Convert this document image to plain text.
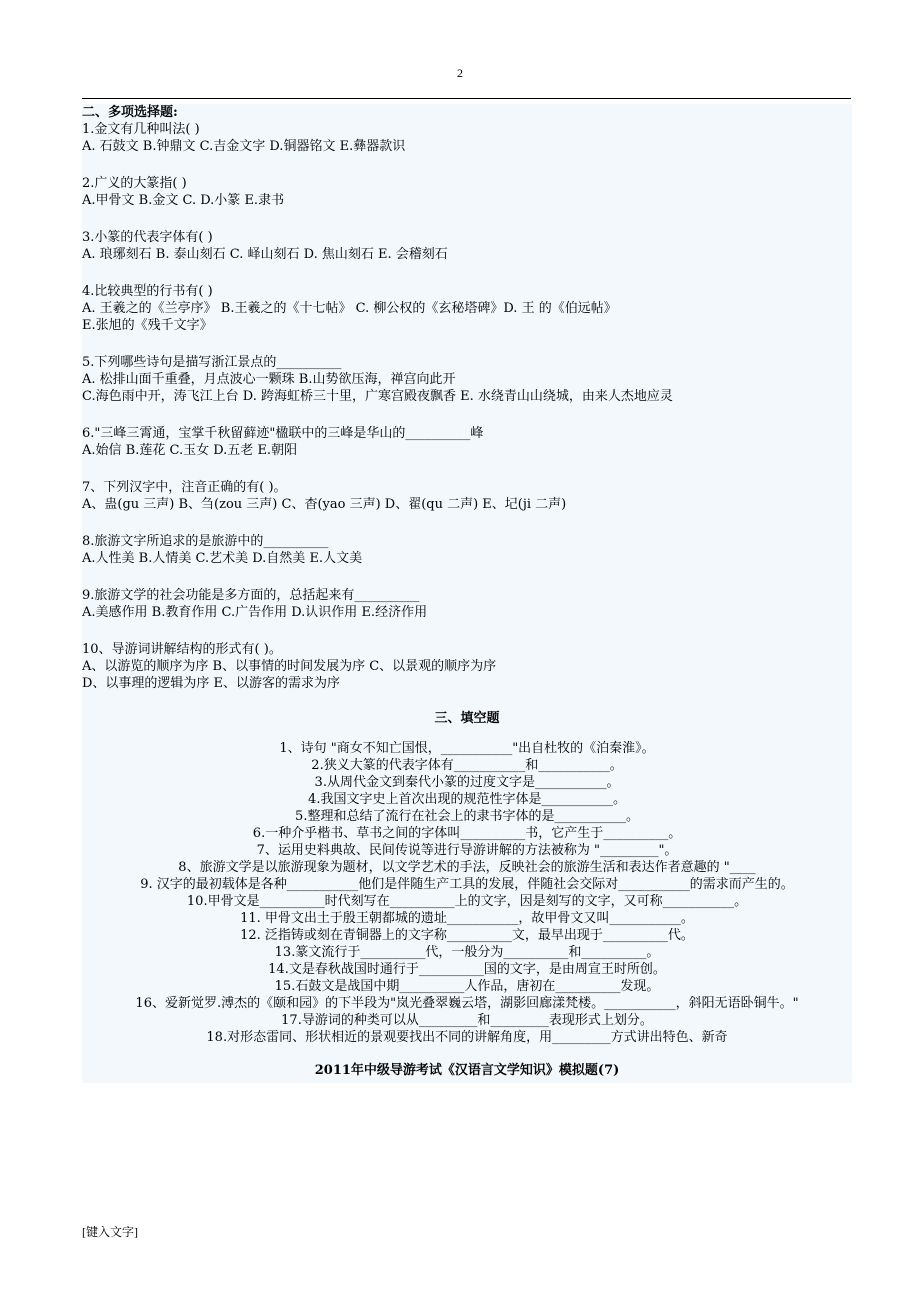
2
二、多项选择题:
1.金文有几种叫法( )
A. 石鼓文 B.钟鼎文 C.吉金文字 D.铜器铭文 E.彝器款识
2.广义的大篆指( )
A.甲骨文 B.金文 C. D.小篆 E.隶书
3.小篆的代表字体有( )
A. 琅琊刻石 B. 泰山刻石 C. 峄山刻石 D. 焦山刻石 E. 会稽刻石
4.比较典型的行书有( )
A. 王羲之的《兰亭序》 B.王羲之的《十七帖》 C. 柳公权的《玄秘塔碑》D. 王 的《伯远帖》
E.张旭的《残千文字》
5.下列哪些诗句是描写浙江景点的__________
A. 松排山面千重叠，月点波心一颗珠 B.山势欲压海，禅宫向此开
C.海色雨中开，涛飞江上台 D. 跨海虹桥三十里，广寒宫殿夜飘香 E. 水绕青山山绕城，由来人杰地应灵
6."三峰三霄通，宝掌千秋留藓迹"楹联中的三峰是华山的__________峰
A.始信 B.莲花 C.玉女 D.五老 E.朝阳
7、下列汉字中，注音正确的有( )。
A、蛊(gu 三声) B、刍(zou 三声) C、杳(yao 三声) D、翟(qu 二声) E、圮(ji 二声)
8.旅游文字所追求的是旅游中的__________
A.人性美 B.人情美 C.艺术美 D.自然美 E.人文美
9.旅游文学的社会功能是多方面的，总括起来有__________
A.美感作用 B.教育作用 C.广告作用 D.认识作用 E.经济作用
10、导游词讲解结构的形式有( )。
A、以游览的顺序为序 B、以事情的时间发展为序 C、以景观的顺序为序
D、以事理的逻辑为序 E、以游客的需求为序
三、填空题
1、诗句 "商女不知亡国恨，___________"出自杜牧的《泊秦淮》。
2.狭义大篆的代表字体有___________和___________。
3.从周代金文到秦代小篆的过度文字是___________。
4.我国文字史上首次出现的规范性字体是___________。
5.整理和总结了流行在社会上的隶书字体的是___________。
6.一种介乎楷书、草书之间的字体叫__________书，它产生于__________。
7、运用史料典故、民间传说等进行导游讲解的方法被称为 "_________"。
8、旅游文学是以旅游现象为题材，以文学艺术的手法，反映社会的旅游生活和表达作者意趣的 "____
9. 汉字的最初载体是各种___________他们是伴随生产工具的发展，伴随社会交际对___________的需求而产生的。
10.甲骨文是__________时代刻写在__________上的文字，因是刻写的文字，又可称___________。
11. 甲骨文出土于殷王朝都城的遗址___________，故甲骨文又叫___________。
12. 泛指铸或刻在青铜器上的文字称__________文，最早出现于__________代。
13.篆文流行于__________代，一般分为__________和__________。
14.文是春秋战国时通行于__________国的文字，是由周宣王时所创。
15.石鼓文是战国中期__________人作品，唐初在__________发现。
16、爱新觉罗.溥杰的《颐和园》的下半段为"岚光叠翠巍云塔，湖影回廊漾梵楼。___________，斜阳无语卧铜牛。"
17.导游词的种类可以从_________和_________表现形式上划分。
18.对形态雷同、形状相近的景观要找出不同的讲解角度，用_________方式讲出特色、新奇
2011年中级导游考试《汉语言文学知识》模拟题(7)
[键入文字]
